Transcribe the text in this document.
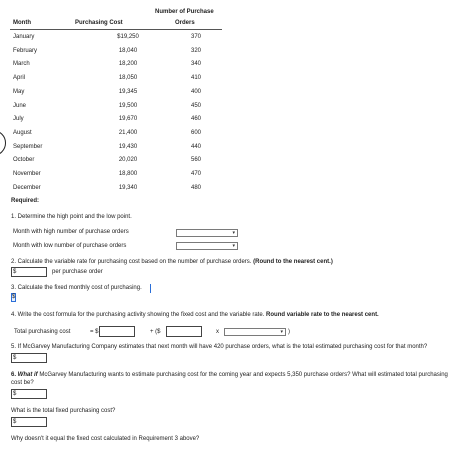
Number of Purchase
Month	Purchasing Cost	Orders
January	$19,250	370
February	18,040	320
March	18,200	340
April	18,050	410
May	19,345	400
June	19,500	450
July	19,670	460
August	21,400	600
September	19,430	440
October	20,020	560
November	18,800	470
December	19,340	480
Required:
1. Determine the high point and the low point.
Month with high number of purchase orders	▾
Month with low number of purchase orders	▾
2. Calculate the variable rate for purchasing cost based on the number of purchase orders. (Round to the nearest cent.)
$	per purchase order
3. Calculate the fixed monthly cost of purchasing.
$
4. Write the cost formula for the purchasing activity showing the fixed cost and the variable rate. Round variable rate to the nearest cent.
Total purchasing cost	= $	+ ($	x	▾ )
5. If McGarvey Manufacturing Company estimates that next month will have 420 purchase orders, what is the total estimated purchasing cost for that month?
$
6. What if McGarvey Manufacturing wants to estimate purchasing cost for the coming year and expects 5,350 purchase orders? What will estimated total purchasing
cost be?
$
What is the total fixed purchasing cost?
$
Why doesn't it equal the fixed cost calculated in Requirement 3 above?
